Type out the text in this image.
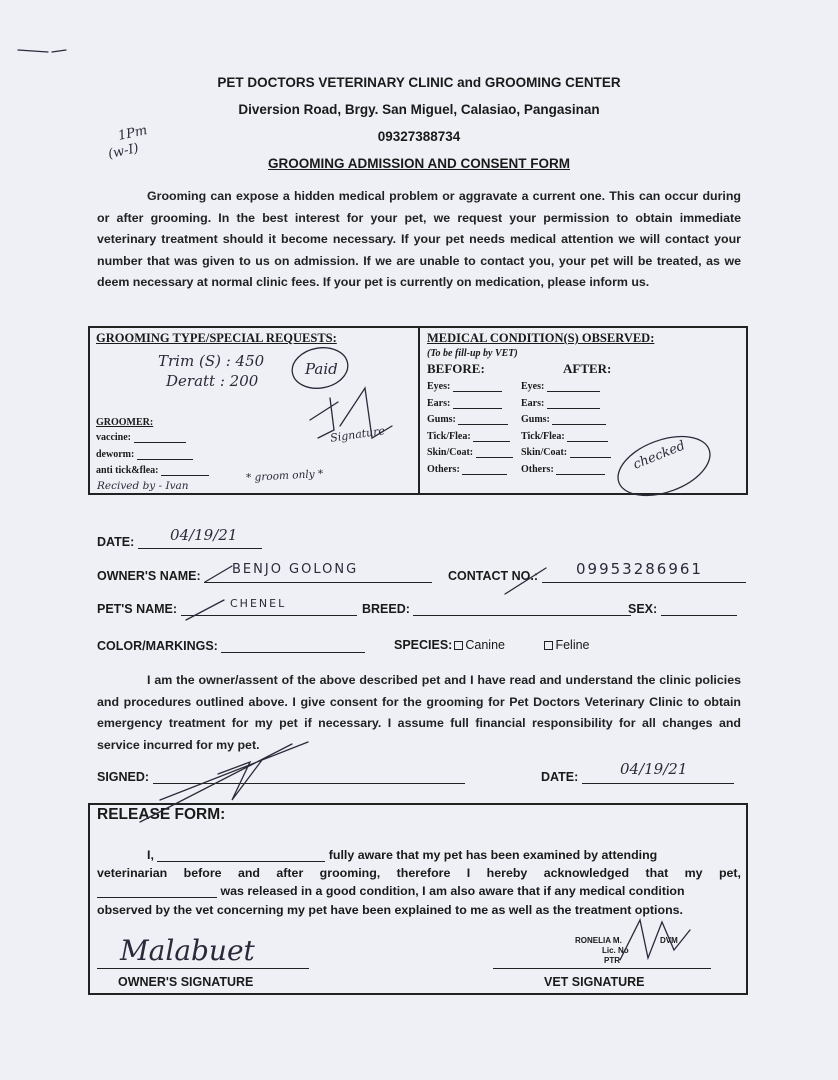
PET DOCTORS VETERINARY CLINIC and GROOMING CENTER
Diversion Road, Brgy. San Miguel, Calasiao, Pangasinan
09327388734
GROOMING ADMISSION AND CONSENT FORM
1Pm
(w-I)
Grooming can expose a hidden medical problem or aggravate a current one. This can occur during or after grooming. In the best interest for your pet, we request your permission to obtain immediate veterinary treatment should it become necessary. If your pet needs medical attention we will contact your number that was given to us on admission. If we are unable to contact you, your pet will be treated, as we deem necessary at normal clinic fees. If your pet is currently on medication, please inform us.
GROOMING TYPE/SPECIAL REQUESTS:
Trim (S) : 450
Deratt : 200
Paid
Signature
GROOMER:
vaccine:
deworm:
anti tick&flea:
Recived by - Ivan
* groom only *
MEDICAL CONDITION(S) OBSERVED:
(To be fill-up by VET)
BEFORE:	AFTER:
Eyes:	Eyes:
Ears:	Ears:
Gums:	Gums:
Tick/Flea:	Tick/Flea:
Skin/Coat:	Skin/Coat:
Others:	Others:	checked
DATE:	04/19/21
OWNER'S NAME:	BENJO GOLONG	CONTACT NO.:	09953286961
PET'S NAME:	CHENEL	BREED:	SEX:
COLOR/MARKINGS:	SPECIES: Canine	Feline
I am the owner/assent of the above described pet and I have read and understand the clinic policies and procedures outlined above. I give consent for the grooming for Pet Doctors Veterinary Clinic to obtain emergency treatment for my pet if necessary. I assume full financial responsibility for all changes and service incurred for my pet.
SIGNED:	DATE:	04/19/21
RELEASE FORM:
I,	fully aware that my pet has been examined by attending
veterinarian before and after grooming, therefore I hereby acknowledged that my pet,
was released in a good condition, I am also aware that if any medical condition
observed by the vet concerning my pet have been explained to me as well as the treatment options.
Malabuet
OWNER'S SIGNATURE
RONELIA M.	DVM
Lic. No
PTR
VET SIGNATURE
